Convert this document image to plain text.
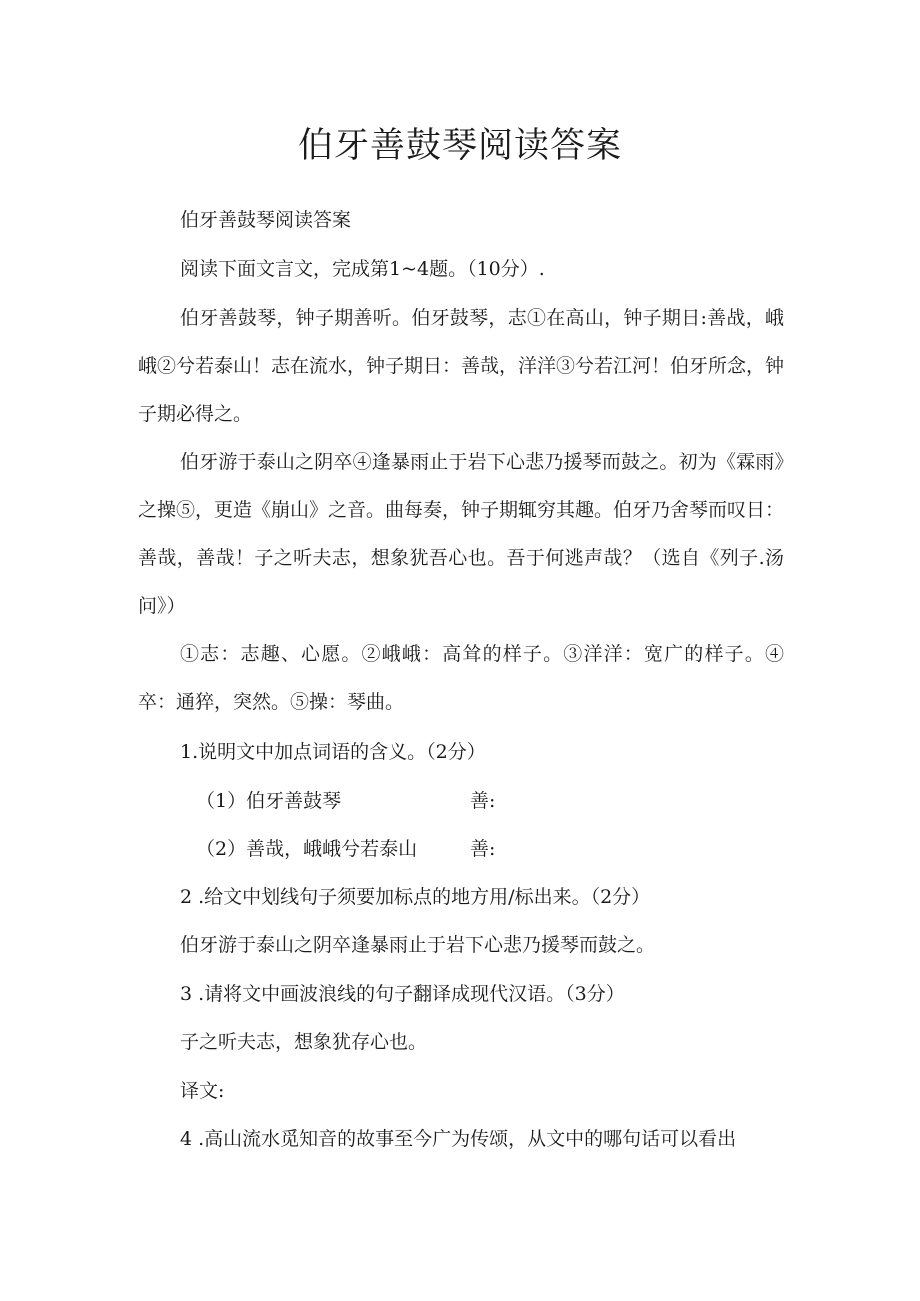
伯牙善鼓琴阅读答案
伯牙善鼓琴阅读答案
阅读下面文言文，完成第1~4题。（10分）.
伯牙善鼓琴，钟子期善听。伯牙鼓琴，志①在高山，钟子期日:善战，峨峨②兮若泰山！志在流水，钟子期日：善哉，洋洋③兮若江河！伯牙所念，钟子期必得之。
伯牙游于泰山之阴卒④逢暴雨止于岩下心悲乃援琴而鼓之。初为《霖雨》之操⑤，更造《崩山》之音。曲每奏，钟子期辄穷其趣。伯牙乃舍琴而叹日：善哉，善哉！子之听夫志，想象犹吾心也。吾于何逃声哉？（选自《列子.汤问》）
①志：志趣、心愿。②峨峨：高耸的样子。③洋洋：宽广的样子。④卒：通猝，突然。⑤操：琴曲。
1.说明文中加点词语的含义。（2分）
（1）伯牙善鼓琴	善:
（2）善哉，峨峨兮若泰山	善:
2 .给文中划线句子须要加标点的地方用/标出来。（2分）
伯牙游于泰山之阴卒逢暴雨止于岩下心悲乃援琴而鼓之。
3 .请将文中画波浪线的句子翻译成现代汉语。（3分）
子之听夫志，想象犹存心也。
译文:
4 .高山流水觅知音的故事至今广为传颂，从文中的哪句话可以看出
